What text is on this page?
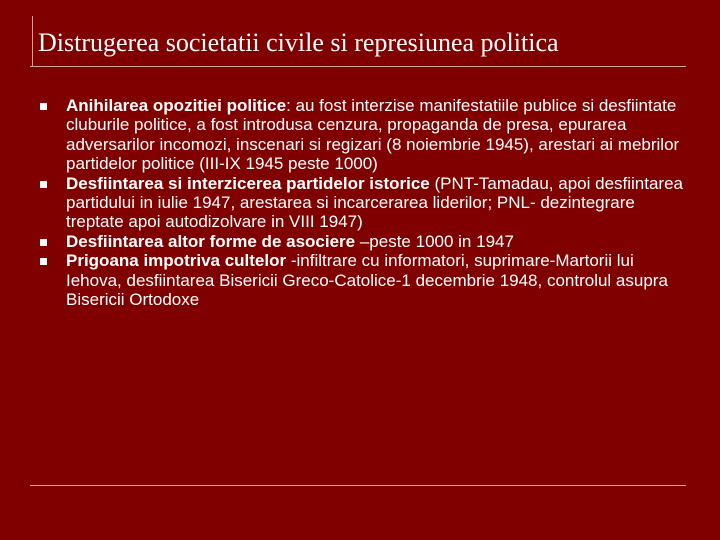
Distrugerea societatii civile si represiunea politica
Anihilarea opozitiei politice: au fost interzise manifestatiile publice si desfiintate cluburile politice, a fost introdusa cenzura, propaganda de presa, epurarea adversarilor incomozi, inscenari si regizari (8 noiembrie 1945), arestari ai mebrilor partidelor politice (III-IX 1945 peste 1000)
Desfiintarea si interzicerea partidelor istorice (PNT-Tamadau, apoi desfiintarea partidului in iulie 1947, arestarea si incarcerarea liderilor; PNL- dezintegrare treptate apoi autodizolvare in VIII 1947)
Desfiintarea altor forme de asociere –peste 1000 in 1947
Prigoana impotriva cultelor -infiltrare cu informatori, suprimare-Martorii lui Iehova, desfiintarea Bisericii Greco-Catolice-1 decembrie 1948, controlul asupra Bisericii Ortodoxe
